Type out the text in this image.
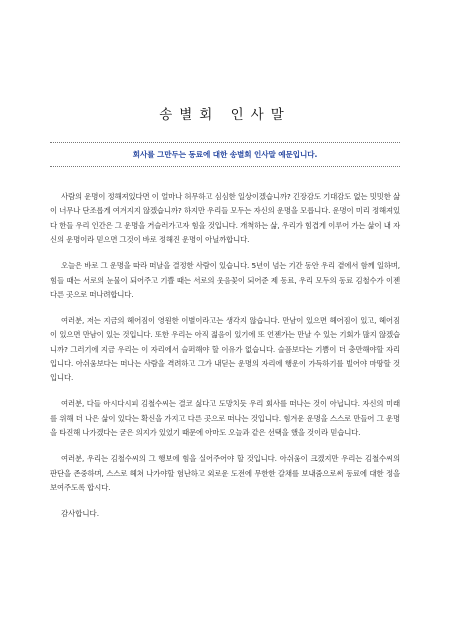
송별회 인사말
회사를 그만두는 동료에 대한 송별회 인사말 예문입니다.

사람의 운명이 정해져있다면 이 얼마나 허무하고 심심한 일상이겠습니까? 긴장감도 기대감도 없는 밋밋한 삶이 너무나 단조롭게 여겨지지 않겠습니까? 하지만 우리들 모두는 자신의 운명을 모릅니다. 운명이 미리 정해져있다 한들 우리 인간은 그 운명을 거슬러가고자 힘을 것입니다. 개척하는 삶, 우리가 힘겹게 이루어 가는 삶이 내 자신의 운명이라 믿으면 그것이 바로 정해진 운명이 아닐까합니다.

오늘은 바로 그 운명을 따라 떠날을 결정한 사람이 있습니다. 5년이 넘는 기간 동안 우리 곁에서 함께 일하며, 힘들 때는 서로의 눈물이 되어주고 기쁠 때는 서로의 웃음꽃이 되어준 제 동료, 우리 모두의 동료 김철수가 이젠 다른 곳으로 떠나려합니다.

여러분, 저는 지금의 헤어짐이 영원한 이별이라고는 생각지 않습니다. 만남이 있으면 헤어짐이 있고, 헤어짐이 있으면 만남이 있는 것입니다. 또한 우리는 아직 젊음이 있기에 또 언젠가는 만날 수 있는 기회가 많지 않겠습니까? 그러기에 지금 우리는 이 자리에서 슬퍼해야 할 이유가 없습니다. 슬픔보다는 기쁨이 더 충만해야할 자리입니다. 아쉬움보다는 떠나는 사람을 격려하고 그가 내딛는 운명의 자리에 행운이 가득하기를 빌어야 마땅할 것입니다.

여러분, 다들 아시다시피 김철수씨는 결코 싫다고 도망치듯 우리 회사를 떠나는 것이 아닙니다. 자신의 미래를 위해 더 나은 삶이 있다는 확신을 가지고 다른 곳으로 떠나는 것입니다. 힘겨운 운명을 스스로 만들어 그 운명을 타진해 나가겠다는 굳은 의지가 있었기 때문에 아마도 오늘과 같은 선택을 했을 것이라 믿습니다.

여러분, 우리는 김철수씨의 그 행보에 힘을 실어주어야 할 것입니다. 아쉬움이 크겠지만 우리는 김철수씨의 판단을 존중하며, 스스로 헤쳐 나가야할 험난하고 외로운 도전에 무한한 갈채를 보내줌으로써 동료에 대한 정을 보여주도록 합시다.

감사합니다.
